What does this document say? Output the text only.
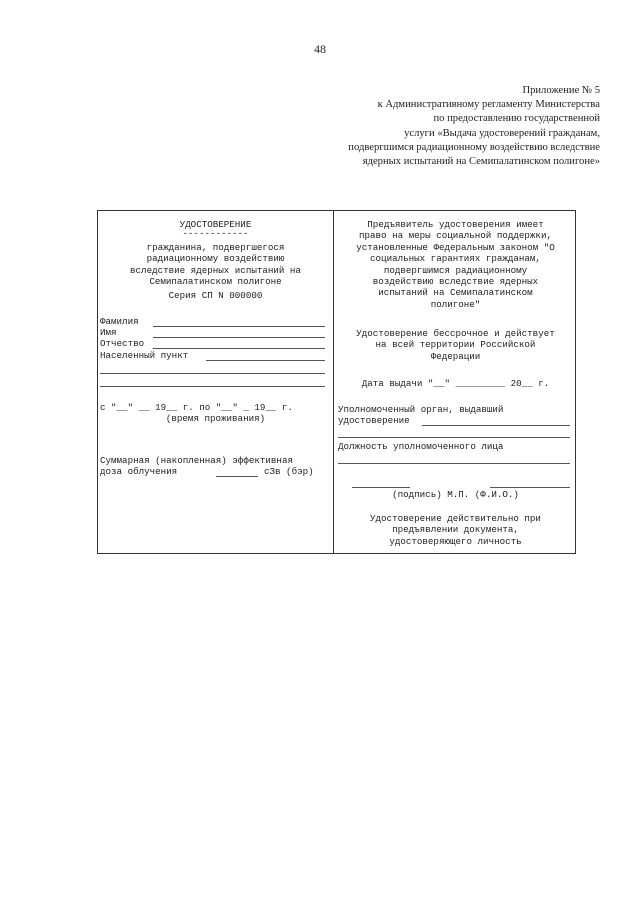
48
Приложение № 5
к Административному регламенту Министерства
по предоставлению государственной
услуги «Выдача удостоверений гражданам,
подвергшимся радиационному воздействию вследствие
ядерных испытаний на Семипалатинском полигоне»
УДОСТОВЕРЕНИЕ
------------
гражданина, подвергшегося
радиационному воздействию
вследствие ядерных испытаний на
Семипалатинском полигоне
Серия СП N 000000
Фамилия
Имя
Отчество
Населенный пункт
с "__" __ 19__ г. по "__" _ 19__ г.
(время проживания)
Суммарная (накопленная) эффективная
доза облучения	сЗв (бэр)
Предъявитель удостоверения имеет
право на меры социальной поддержки,
установленные Федеральным законом "О
социальных гарантиях гражданам,
подвергшимся радиационному
воздействию вследствие ядерных
испытаний на Семипалатинском
полигоне"
Удостоверение бессрочное и действует
на всей территории Российской
Федерации
Дата выдачи "__" _________ 20__ г.
Уполномоченный орган, выдавший
удостоверение
Должность уполномоченного лица
(подпись) М.П. (Ф.И.О.)
Удостоверение действительно при
предъявлении документа,
удостоверяющего личность
